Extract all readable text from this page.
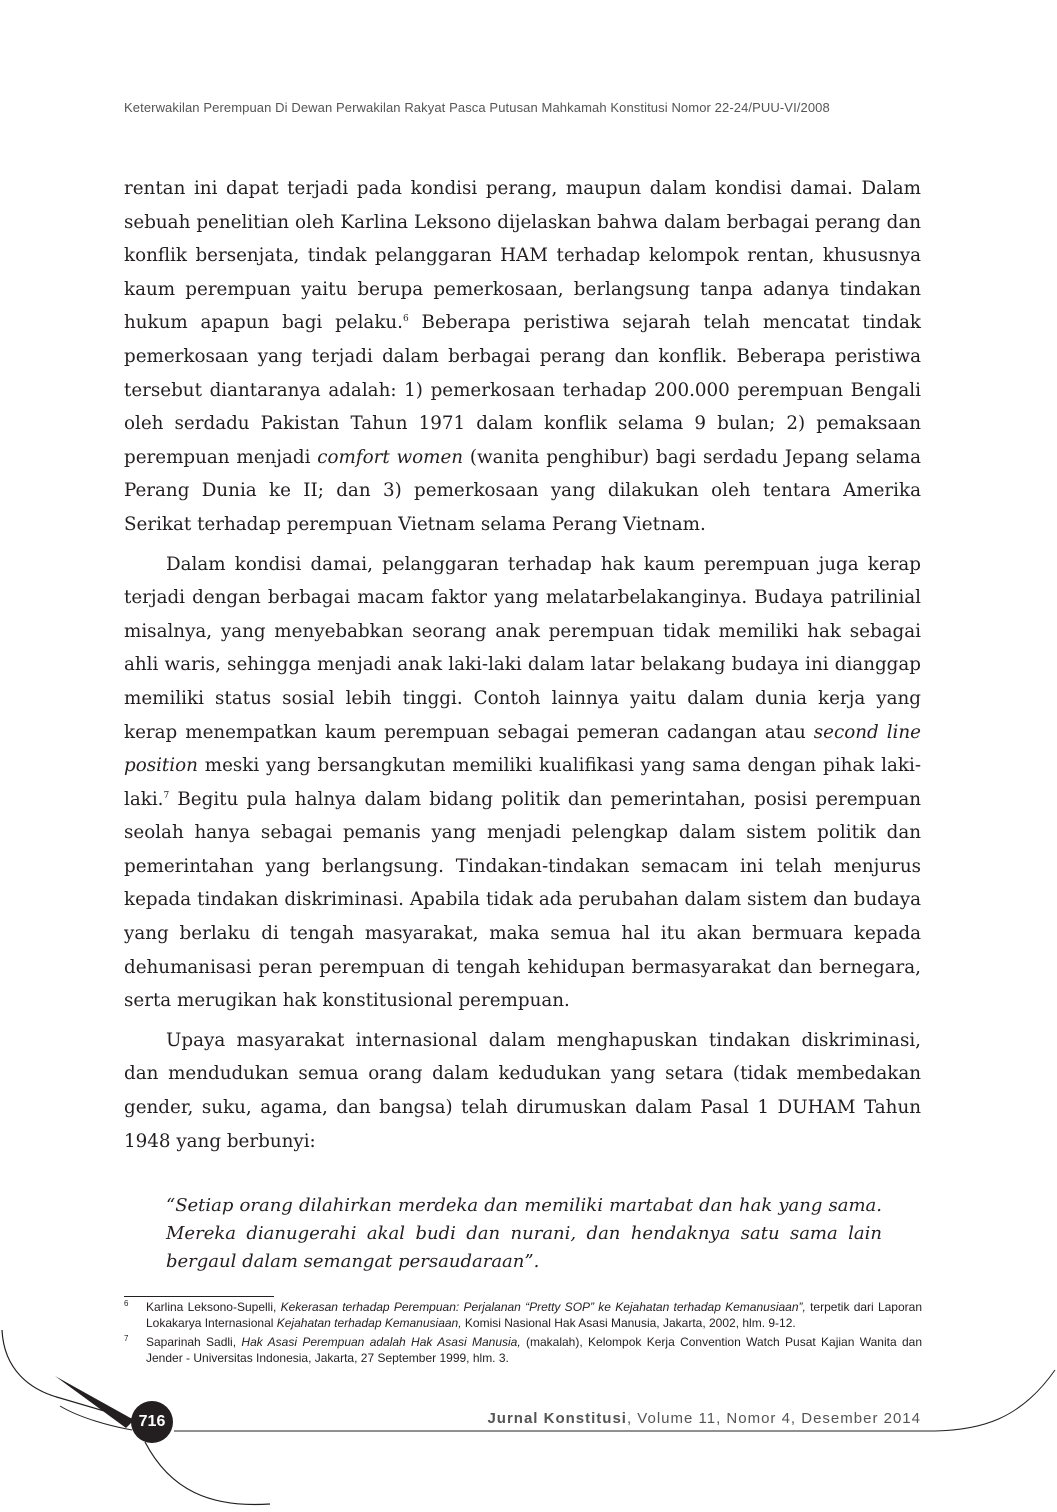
Keterwakilan Perempuan Di Dewan Perwakilan Rakyat Pasca Putusan Mahkamah Konstitusi Nomor 22-24/PUU-VI/2008

rentan ini dapat terjadi pada kondisi perang, maupun dalam kondisi damai. Dalam sebuah penelitian oleh Karlina Leksono dijelaskan bahwa dalam berbagai perang dan konflik bersenjata, tindak pelanggaran HAM terhadap kelompok rentan, khususnya kaum perempuan yaitu berupa pemerkosaan, berlangsung tanpa adanya tindakan hukum apapun bagi pelaku.$^6$ Beberapa peristiwa sejarah telah mencatat tindak pemerkosaan yang terjadi dalam berbagai perang dan konflik. Beberapa peristiwa tersebut diantaranya adalah: 1) pemerkosaan terhadap 200.000 perempuan Bengali oleh serdadu Pakistan Tahun 1971 dalam konflik selama 9 bulan; 2) pemaksaan perempuan menjadi comfort women (wanita penghibur) bagi serdadu Jepang selama Perang Dunia ke II; dan 3) pemerkosaan yang dilakukan oleh tentara Amerika Serikat terhadap perempuan Vietnam selama Perang Vietnam.

Dalam kondisi damai, pelanggaran terhadap hak kaum perempuan juga kerap terjadi dengan berbagai macam faktor yang melatarbelakanginya. Budaya patrilinial misalnya, yang menyebabkan seorang anak perempuan tidak memiliki hak sebagai ahli waris, sehingga menjadi anak laki-laki dalam latar belakang budaya ini dianggap memiliki status sosial lebih tinggi. Contoh lainnya yaitu dalam dunia kerja yang kerap menempatkan kaum perempuan sebagai pemeran cadangan atau second line position meski yang bersangkutan memiliki kualifikasi yang sama dengan pihak laki-laki.$^7$ Begitu pula halnya dalam bidang politik dan pemerintahan, posisi perempuan seolah hanya sebagai pemanis yang menjadi pelengkap dalam sistem politik dan pemerintahan yang berlangsung. Tindakan-tindakan semacam ini telah menjurus kepada tindakan diskriminasi. Apabila tidak ada perubahan dalam sistem dan budaya yang berlaku di tengah masyarakat, maka semua hal itu akan bermuara kepada dehumanisasi peran perempuan di tengah kehidupan bermasyarakat dan bernegara, serta merugikan hak konstitusional perempuan.

Upaya masyarakat internasional dalam menghapuskan tindakan diskriminasi, dan mendudukan semua orang dalam kedudukan yang setara (tidak membedakan gender, suku, agama, dan bangsa) telah dirumuskan dalam Pasal 1 DUHAM Tahun 1948 yang berbunyi:

“Setiap orang dilahirkan merdeka dan memiliki martabat dan hak yang sama. Mereka dianugerahi akal budi dan nurani, dan hendaknya satu sama lain bergaul dalam semangat persaudaraan”.
6 Karlina Leksono-Supelli, Kekerasan terhadap Perempuan: Perjalanan “Pretty SOP” ke Kejahatan terhadap Kemanusiaan”, terpetik dari Laporan Lokakarya Internasional Kejahatan terhadap Kemanusiaan, Komisi Nasional Hak Asasi Manusia, Jakarta, 2002, hlm. 9-12.
7 Saparinah Sadli, Hak Asasi Perempuan adalah Hak Asasi Manusia, (makalah), Kelompok Kerja Convention Watch Pusat Kajian Wanita dan Jender - Universitas Indonesia, Jakarta, 27 September 1999, hlm. 3.
716	Jurnal Konstitusi, Volume 11, Nomor 4, Desember 2014
